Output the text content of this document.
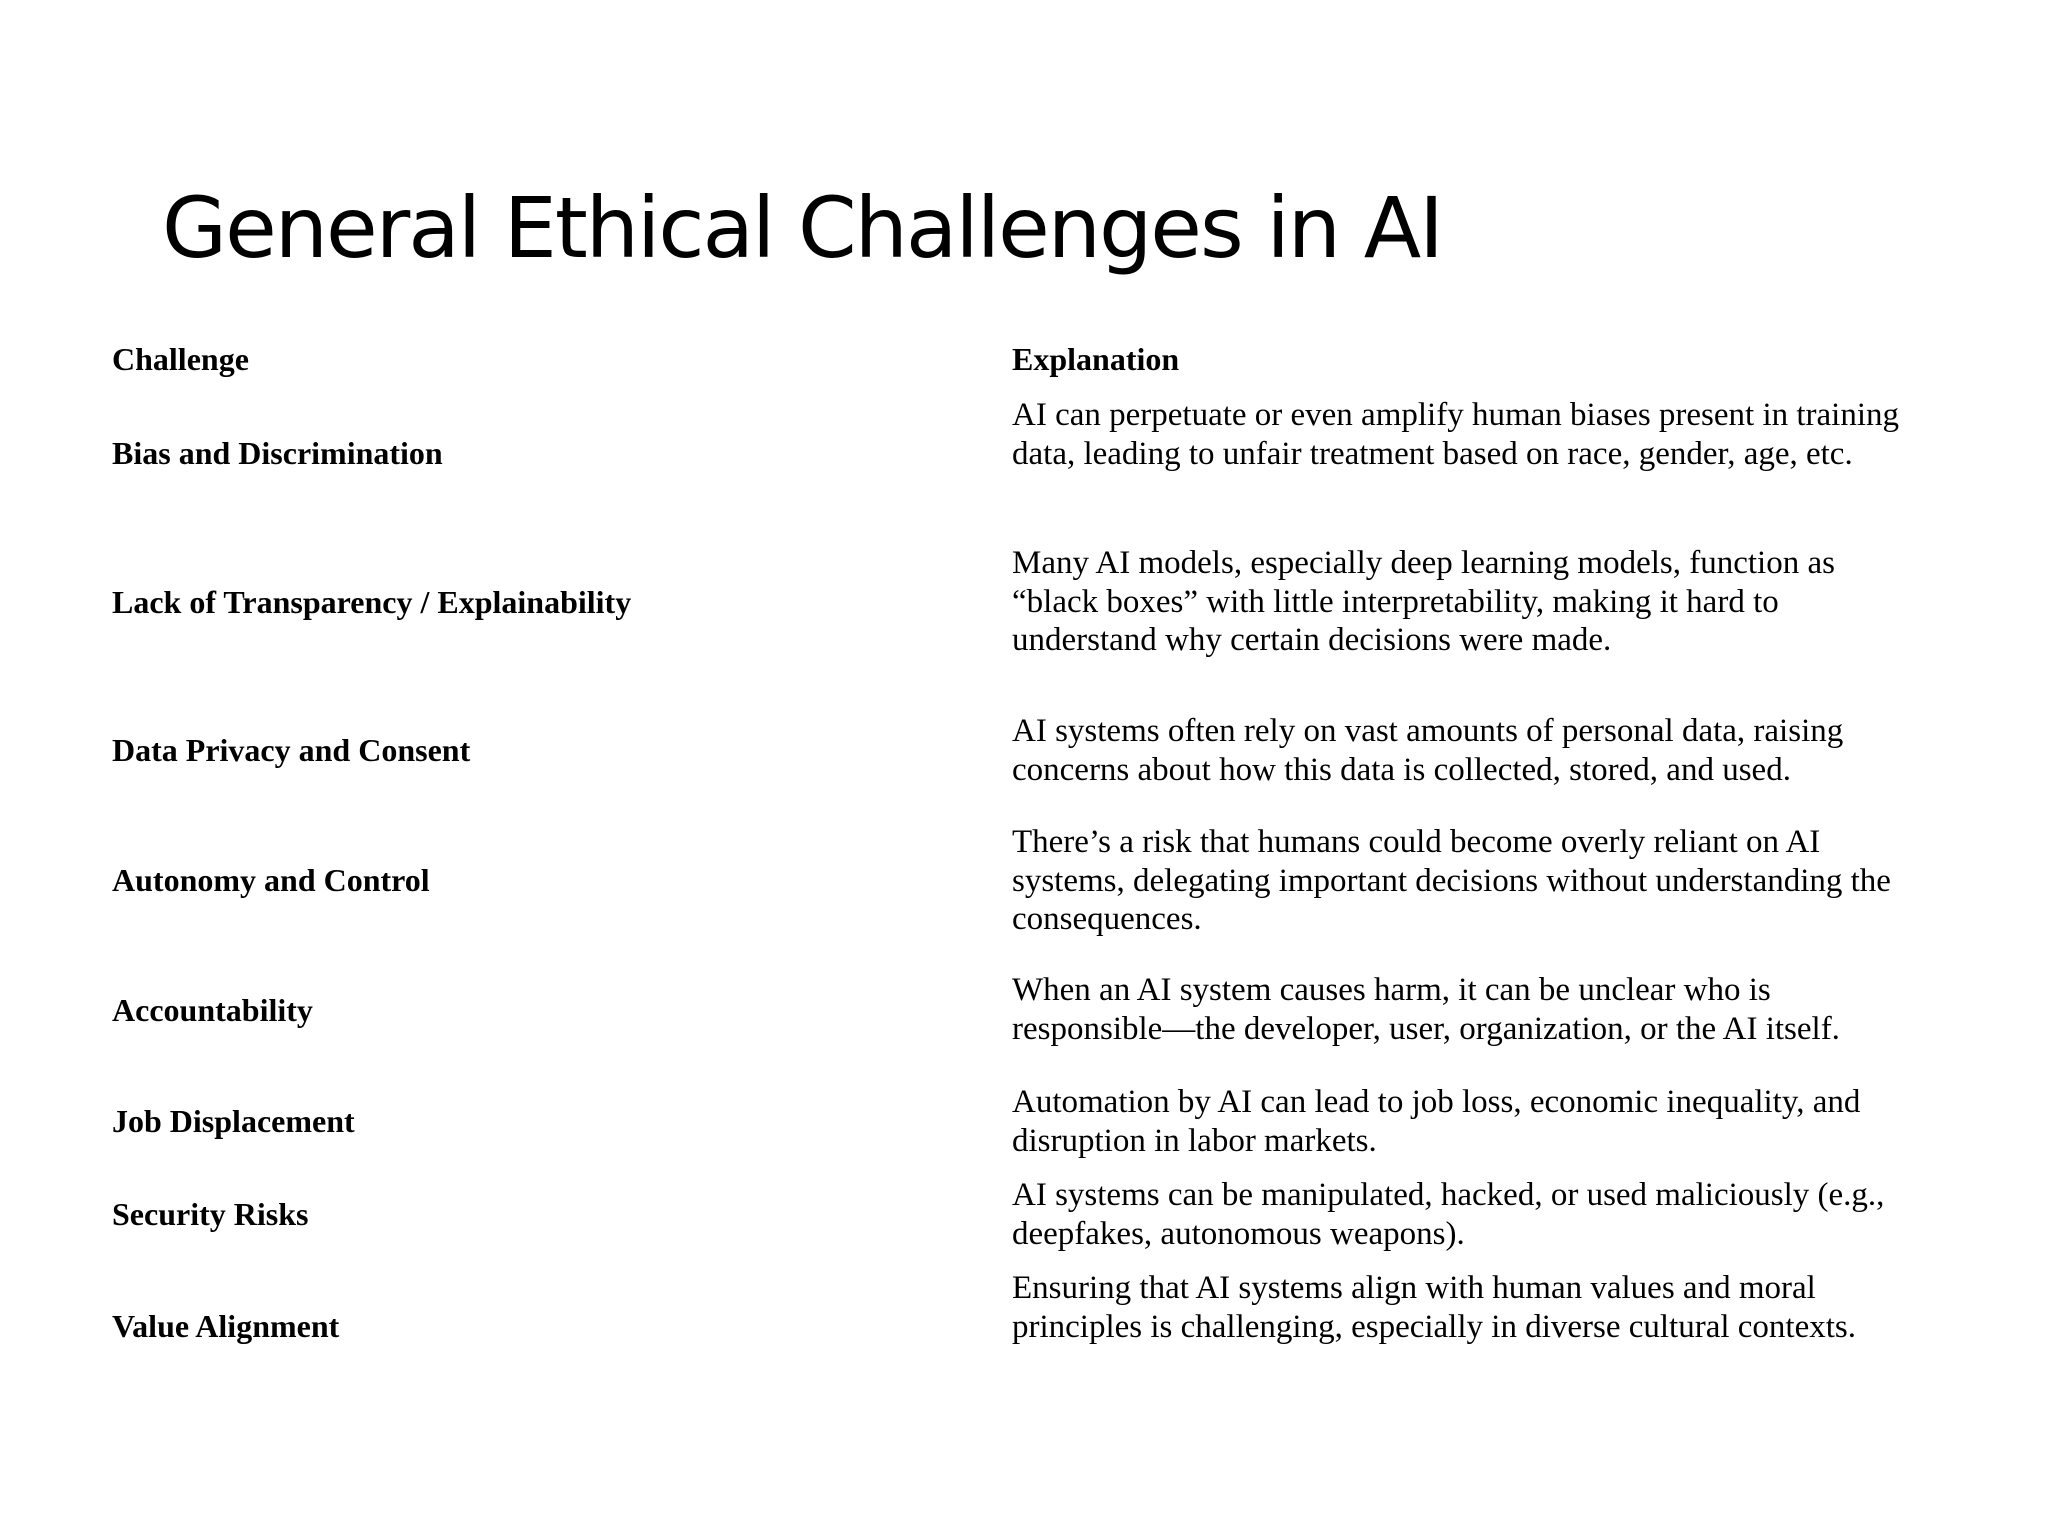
General Ethical Challenges in AI
Challenge	Explanation
Bias and Discrimination

AI can perpetuate or even amplify human biases present in training data, leading to unfair treatment based on race, gender, age, etc.

Lack of Transparency / Explainability

Many AI models, especially deep learning models, function as “black boxes” with little interpretability, making it hard to understand why certain decisions were made.

Data Privacy and Consent

AI systems often rely on vast amounts of personal data, raising concerns about how this data is collected, stored, and used.

Autonomy and Control

There’s a risk that humans could become overly reliant on AI systems, delegating important decisions without understanding the consequences.

Accountability

When an AI system causes harm, it can be unclear who is responsible—the developer, user, organization, or the AI itself.

Job Displacement

Automation by AI can lead to job loss, economic inequality, and disruption in labor markets.

Security Risks

AI systems can be manipulated, hacked, or used maliciously (e.g., deepfakes, autonomous weapons).

Value Alignment

Ensuring that AI systems align with human values and moral principles is challenging, especially in diverse cultural contexts.
